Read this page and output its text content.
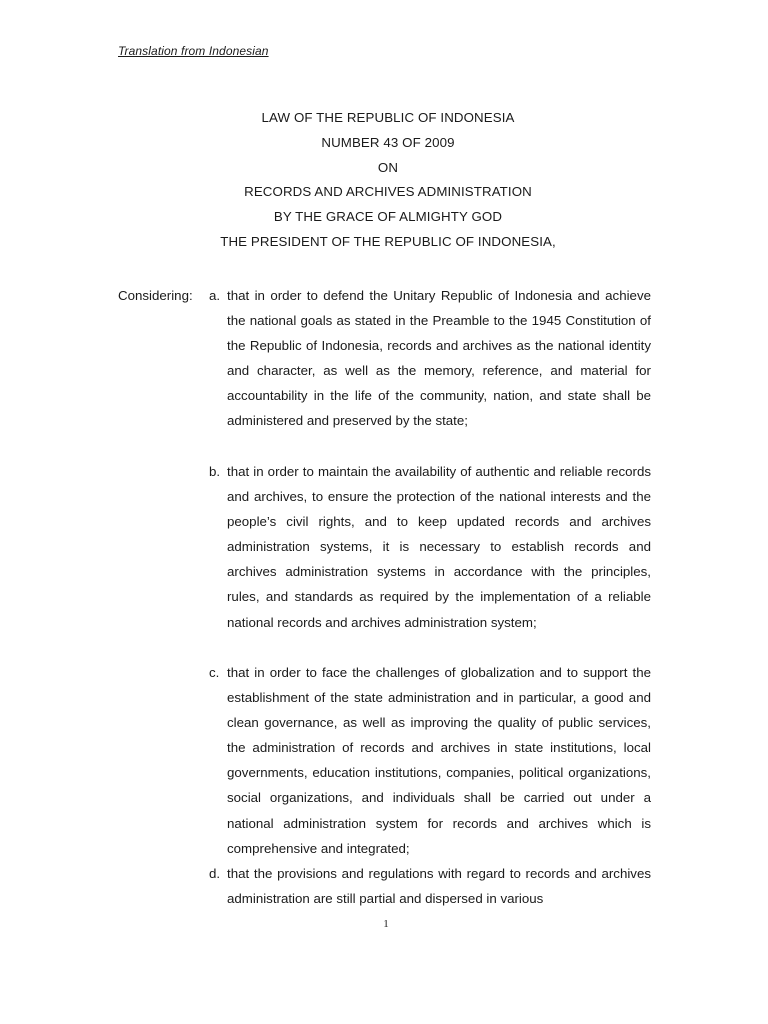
Translation from Indonesian

LAW OF THE REPUBLIC OF INDONESIA

NUMBER 43 OF 2009

ON

RECORDS AND ARCHIVES ADMINISTRATION

BY THE GRACE OF ALMIGHTY GOD

THE PRESIDENT OF THE REPUBLIC OF INDONESIA,

Considering: a. that in order to defend the Unitary Republic of Indonesia and achieve the national goals as stated in the Preamble to the 1945 Constitution of the Republic of Indonesia, records and archives as the national identity and character, as well as the memory, reference, and material for accountability in the life of the community, nation, and state shall be administered and preserved by the state;
b. that in order to maintain the availability of authentic and reliable records and archives, to ensure the protection of the national interests and the people’s civil rights, and to keep updated records and archives administration systems, it is necessary to establish records and archives administration systems in accordance with the principles, rules, and standards as required by the implementation of a reliable national records and archives administration system;
c. that in order to face the challenges of globalization and to support the establishment of the state administration and in particular, a good and clean governance, as well as improving the quality of public services, the administration of records and archives in state institutions, local governments, education institutions, companies, political organizations, social organizations, and individuals shall be carried out under a national administration system for records and archives which is comprehensive and integrated;
d. that the provisions and regulations with regard to records and archives administration are still partial and dispersed in various
1
